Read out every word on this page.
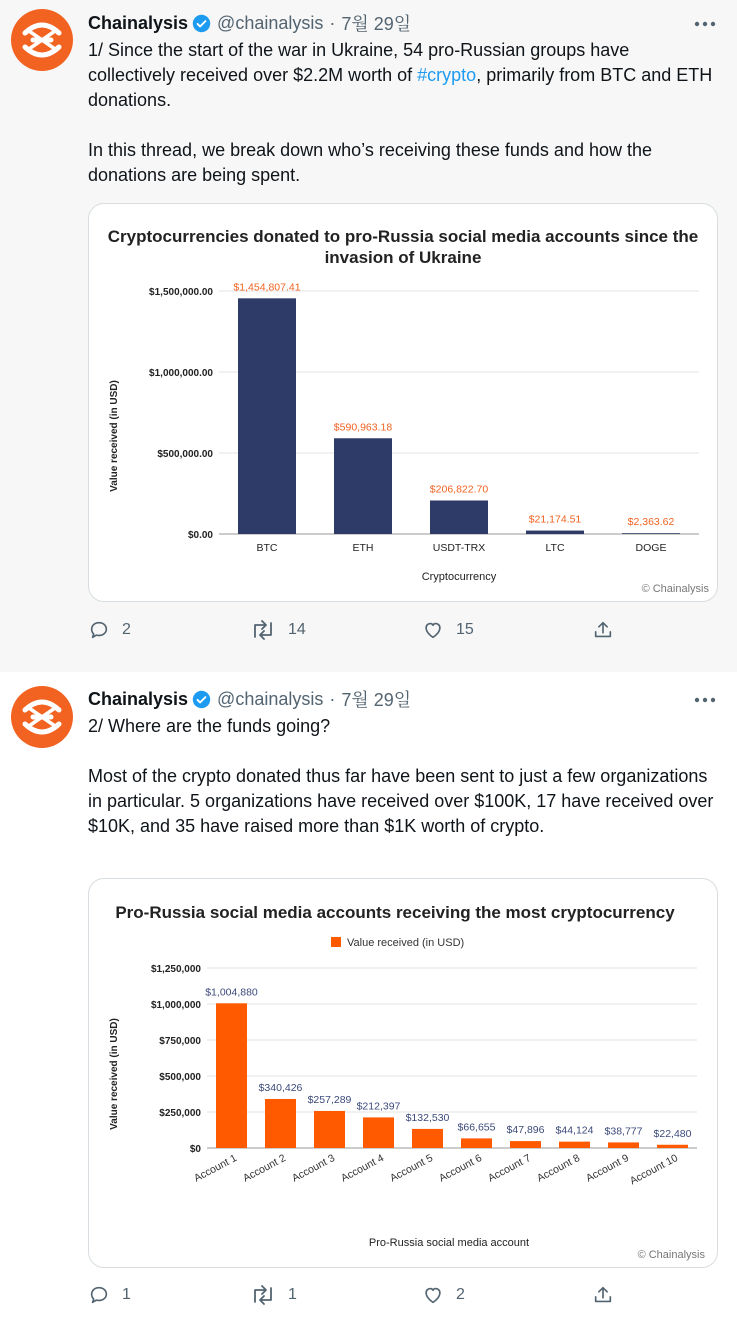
Chainalysis @chainalysis · 7월 29일

1/ Since the start of the war in Ukraine, 54 pro-Russian groups have collectively received over $2.2M worth of #crypto, primarily from BTC and ETH donations.

In this thread, we break down who’s receiving these funds and how the donations are being spent.

Cryptocurrencies donated to pro-Russia social media accounts since the
invasion of Ukraine
$0.00
$500,000.00
$1,000,000.00
$1,500,000.00 $1,454,807.41
$590,963.18
$206,822.70
$21,174.51	$2,363.62
BTC	ETH	USDT-TRX	LTC	DOGE
Cryptocurrency
Value received (in USD)
© Chainalysis
2	14	15
Chainalysis @chainalysis · 7월 29일

2/ Where are the funds going?

Most of the crypto donated thus far have been sent to just a few organizations in particular. 5 organizations have received over $100K, 17 have received over $10K, and 35 have raised more than $1K worth of crypto.

Pro-Russia social media accounts receiving the most cryptocurrency
Value received (in USD)
$0
$250,000
$500,000
$750,000
$1,000,000
$1,250,000
$1,004,880
$340,426
$257,289
$212,397
$132,530
$66,655 $47,896 $44,124 $38,777 $22,480
Account 1 Account 2 Account 3 Account 4 Account 5 Account 6 Account 7 Account 8 Account 9
Account 10
Pro-Russia social media account
Value received (in USD)
© Chainalysis
1	1	2
